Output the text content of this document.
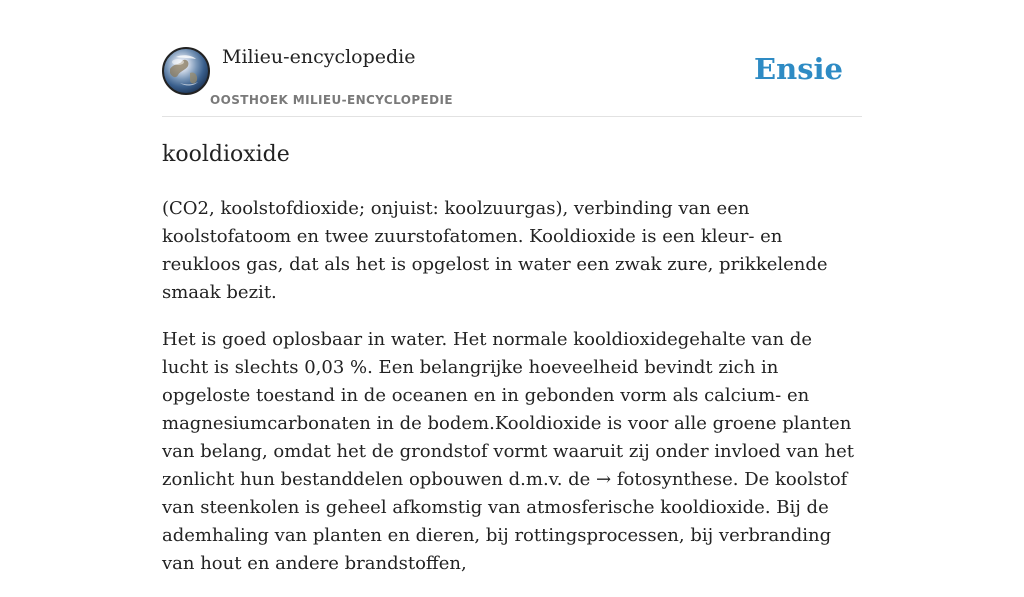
Milieu-encyclopedie
OOSTHOEK MILIEU-ENCYCLOPEDIE
Ensie
kooldioxide

(CO2, koolstofdioxide; onjuist: koolzuurgas), verbinding van een koolstofatoom en twee zuurstofatomen. Kooldioxide is een kleur- en reukloos gas, dat als het is opgelost in water een zwak zure, prikkelende smaak bezit.

Het is goed oplosbaar in water. Het normale kooldioxidegehalte van de lucht is slechts 0,03 %. Een belangrijke hoeveelheid bevindt zich in opgeloste toestand in de oceanen en in gebonden vorm als calcium- en magnesiumcarbonaten in de bodem.Kooldioxide is voor alle groene planten van belang, omdat het de grondstof vormt waaruit zij onder invloed van het zonlicht hun bestanddelen opbouwen d.m.v. de → fotosynthese. De koolstof van steenkolen is geheel afkomstig van atmosferische kooldioxide. Bij de ademhaling van planten en dieren, bij rottingsprocessen, bij verbranding van hout en andere brandstoffen,
